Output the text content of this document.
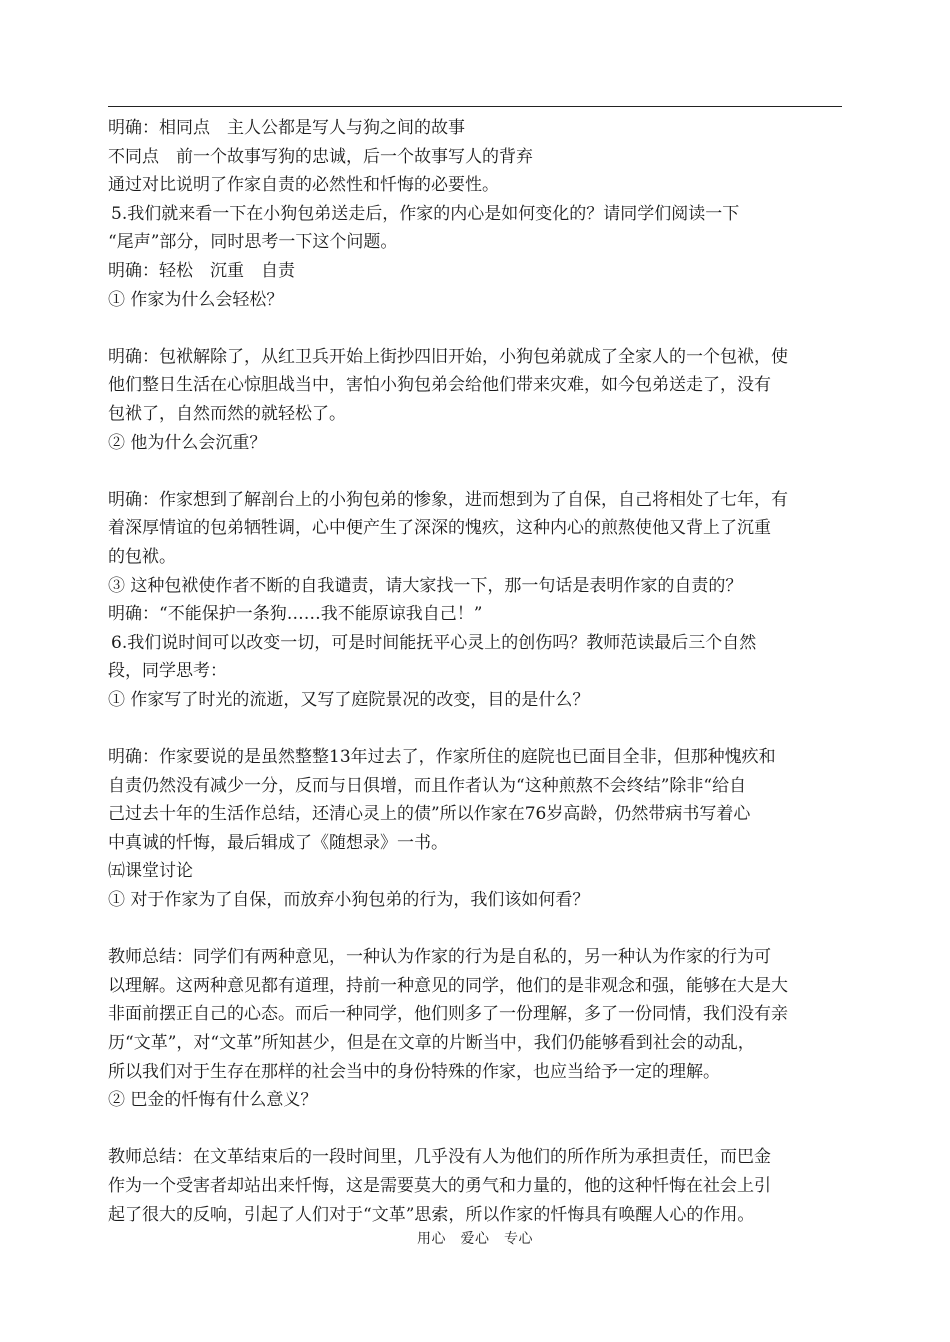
明确：相同点　主人公都是写人与狗之间的故事
不同点　前一个故事写狗的忠诚，后一个故事写人的背弃
通过对比说明了作家自责的必然性和忏悔的必要性。
5.我们就来看一下在小狗包弟送走后，作家的内心是如何变化的？请同学们阅读一下
“尾声”部分，同时思考一下这个问题。
明确：轻松　沉重　自责
① 作家为什么会轻松？
明确：包袱解除了，从红卫兵开始上街抄四旧开始，小狗包弟就成了全家人的一个包袱，使
他们整日生活在心惊胆战当中，害怕小狗包弟会给他们带来灾难，如今包弟送走了，没有
包袱了，自然而然的就轻松了。
② 他为什么会沉重？
明确：作家想到了解剖台上的小狗包弟的惨象，进而想到为了自保，自己将相处了七年，有
着深厚情谊的包弟牺牲调，心中便产生了深深的愧疚，这种内心的煎熬使他又背上了沉重
的包袱。
③ 这种包袱使作者不断的自我谴责，请大家找一下，那一句话是表明作家的自责的？
明确：“不能保护一条狗……我不能原谅我自己！”
6.我们说时间可以改变一切，可是时间能抚平心灵上的创伤吗？教师范读最后三个自然
段，同学思考：
① 作家写了时光的流逝，又写了庭院景况的改变，目的是什么？
明确：作家要说的是虽然整整13年过去了，作家所住的庭院也已面目全非，但那种愧疚和
自责仍然没有减少一分，反而与日俱增，而且作者认为“这种煎熬不会终结”除非“给自
己过去十年的生活作总结，还清心灵上的债”所以作家在76岁高龄，仍然带病书写着心
中真诚的忏悔，最后辑成了《随想录》一书。
㈤课堂讨论
① 对于作家为了自保，而放弃小狗包弟的行为，我们该如何看？
教师总结：同学们有两种意见，一种认为作家的行为是自私的，另一种认为作家的行为可
以理解。这两种意见都有道理，持前一种意见的同学，他们的是非观念和强，能够在大是大
非面前摆正自己的心态。而后一种同学，他们则多了一份理解，多了一份同情，我们没有亲
历“文革”，对“文革”所知甚少，但是在文章的片断当中，我们仍能够看到社会的动乱，
所以我们对于生存在那样的社会当中的身份特殊的作家，也应当给予一定的理解。
② 巴金的忏悔有什么意义？
教师总结：在文革结束后的一段时间里，几乎没有人为他们的所作所为承担责任，而巴金
作为一个受害者却站出来忏悔，这是需要莫大的勇气和力量的，他的这种忏悔在社会上引
起了很大的反响，引起了人们对于“文革”思索，所以作家的忏悔具有唤醒人心的作用。
用心　爱心　专心
